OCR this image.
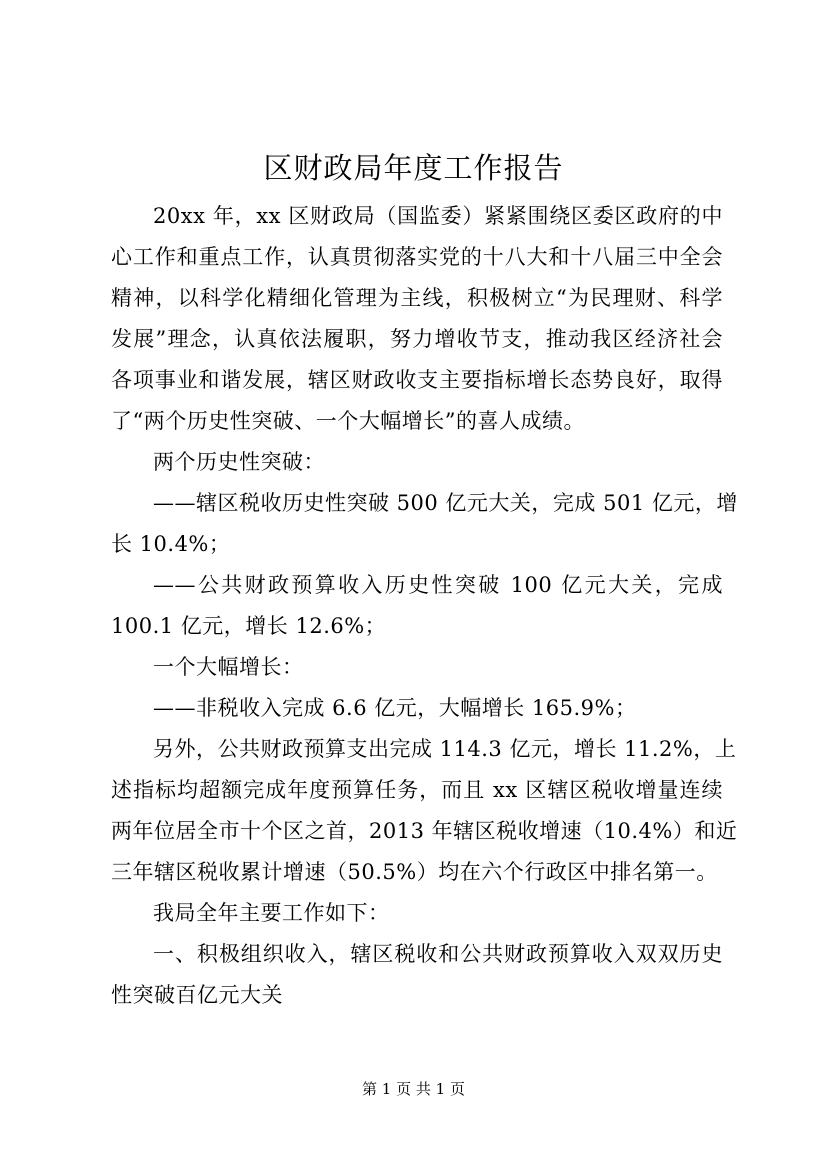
区财政局年度工作报告
20xx 年，xx 区财政局（国监委）紧紧围绕区委区政府的中
心工作和重点工作，认真贯彻落实党的十八大和十八届三中全会
精神，以科学化精细化管理为主线，积极树立“为民理财、科学
发展”理念，认真依法履职，努力增收节支，推动我区经济社会
各项事业和谐发展，辖区财政收支主要指标增长态势良好，取得
了“两个历史性突破、一个大幅增长”的喜人成绩。
两个历史性突破：
——辖区税收历史性突破 500 亿元大关，完成 501 亿元，增
长 10.4%；
——公共财政预算收入历史性突破 100 亿元大关，完成
100.1 亿元，增长 12.6%；
一个大幅增长：
——非税收入完成 6.6 亿元，大幅增长 165.9%；
另外，公共财政预算支出完成 114.3 亿元，增长 11.2%，上
述指标均超额完成年度预算任务，而且 xx 区辖区税收增量连续
两年位居全市十个区之首，2013 年辖区税收增速（10.4%）和近
三年辖区税收累计增速（50.5%）均在六个行政区中排名第一。
我局全年主要工作如下：
一、积极组织收入，辖区税收和公共财政预算收入双双历史
性突破百亿元大关
第 1 页 共 1 页
